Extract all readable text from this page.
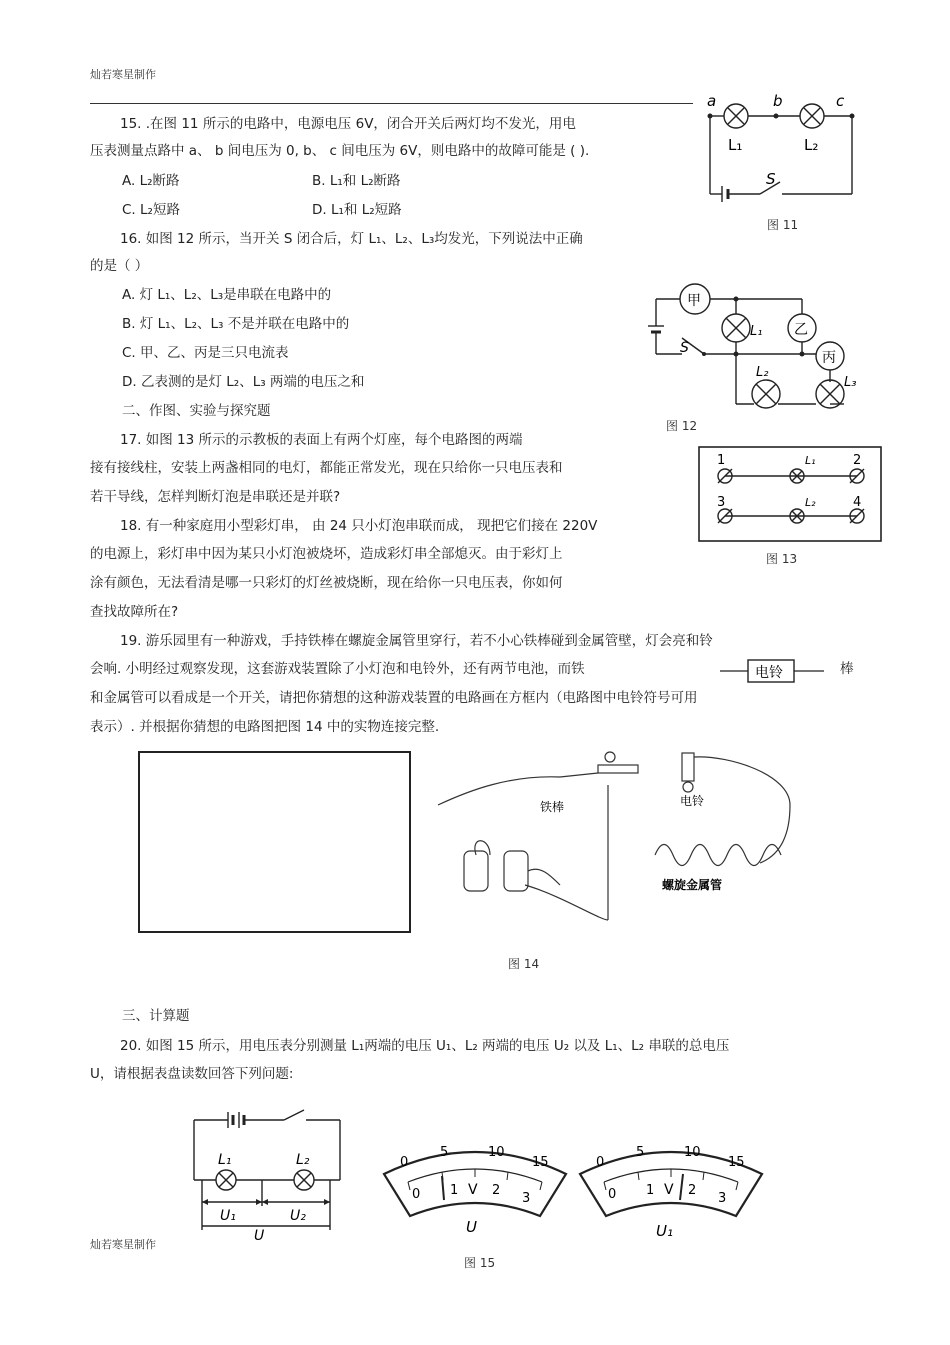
灿若寒星制作
灿若寒星制作
15. .在图 11 所示的电路中，电源电压 6V，闭合开关后两灯均不发光，用电
压表测量点路中 a、 b 间电压为 0, b、 c 间电压为 6V，则电路中的故障可能是 ( ).
A. L₂断路	B. L₁和 L₂断路
C. L₂短路	D. L₁和 L₂短路
a	b	c
L₁	L₂
S
图 11
16. 如图 12 所示，当开关 S 闭合后，灯 L₁、L₂、L₃均发光，下列说法中正确
的是（ ）
A. 灯 L₁、L₂、L₃是串联在电路中的
B. 灯 L₁、L₂、L₃ 不是并联在电路中的
C. 甲、乙、丙是三只电流表
D. 乙表测的是灯 L₂、L₃ 两端的电压之和
甲
乙
丙
S
L₁
L₂
L₃
图 12
二、作图、实验与探究题
17. 如图 13 所示的示教板的表面上有两个灯座，每个电路图的两端
接有接线柱，安装上两盏相同的电灯，都能正常发光，现在只给你一只电压表和
若干导线，怎样判断灯泡是串联还是并联?
1	2
3	4
L₁
L₂
图 13
18. 有一种家庭用小型彩灯串， 由 24 只小灯泡串联而成， 现把它们接在 220V
的电源上，彩灯串中因为某只小灯泡被烧坏，造成彩灯串全部熄灭。由于彩灯上
涂有颜色，无法看清是哪一只彩灯的灯丝被烧断，现在给你一只电压表，你如何
查找故障所在?
19. 游乐园里有一种游戏，手持铁棒在螺旋金属管里穿行，若不小心铁棒碰到金属管壁，灯会亮和铃
会响. 小明经过观察发现，这套游戏装置除了小灯泡和电铃外，还有两节电池，而铁	电铃	棒
和金属管可以看成是一个开关，请把你猜想的这种游戏装置的电路画在方框内（电路图中电铃符号可用
表示）. 并根据你猜想的电路图把图 14 中的实物连接完整.
铁棒	电铃
螺旋金属管
图 14
三、计算题
20. 如图 15 所示，用电压表分别测量 L₁两端的电压 U₁、L₂ 两端的电压 U₂ 以及 L₁、L₂ 串联的总电压
U，请根据表盘读数回答下列问题:
L₁	L₂
U₁	U₂
U
0
5	10
15
0 1	2
3
V
U
0
5	10
15
0 1	2
3
V
U₁
图 15
